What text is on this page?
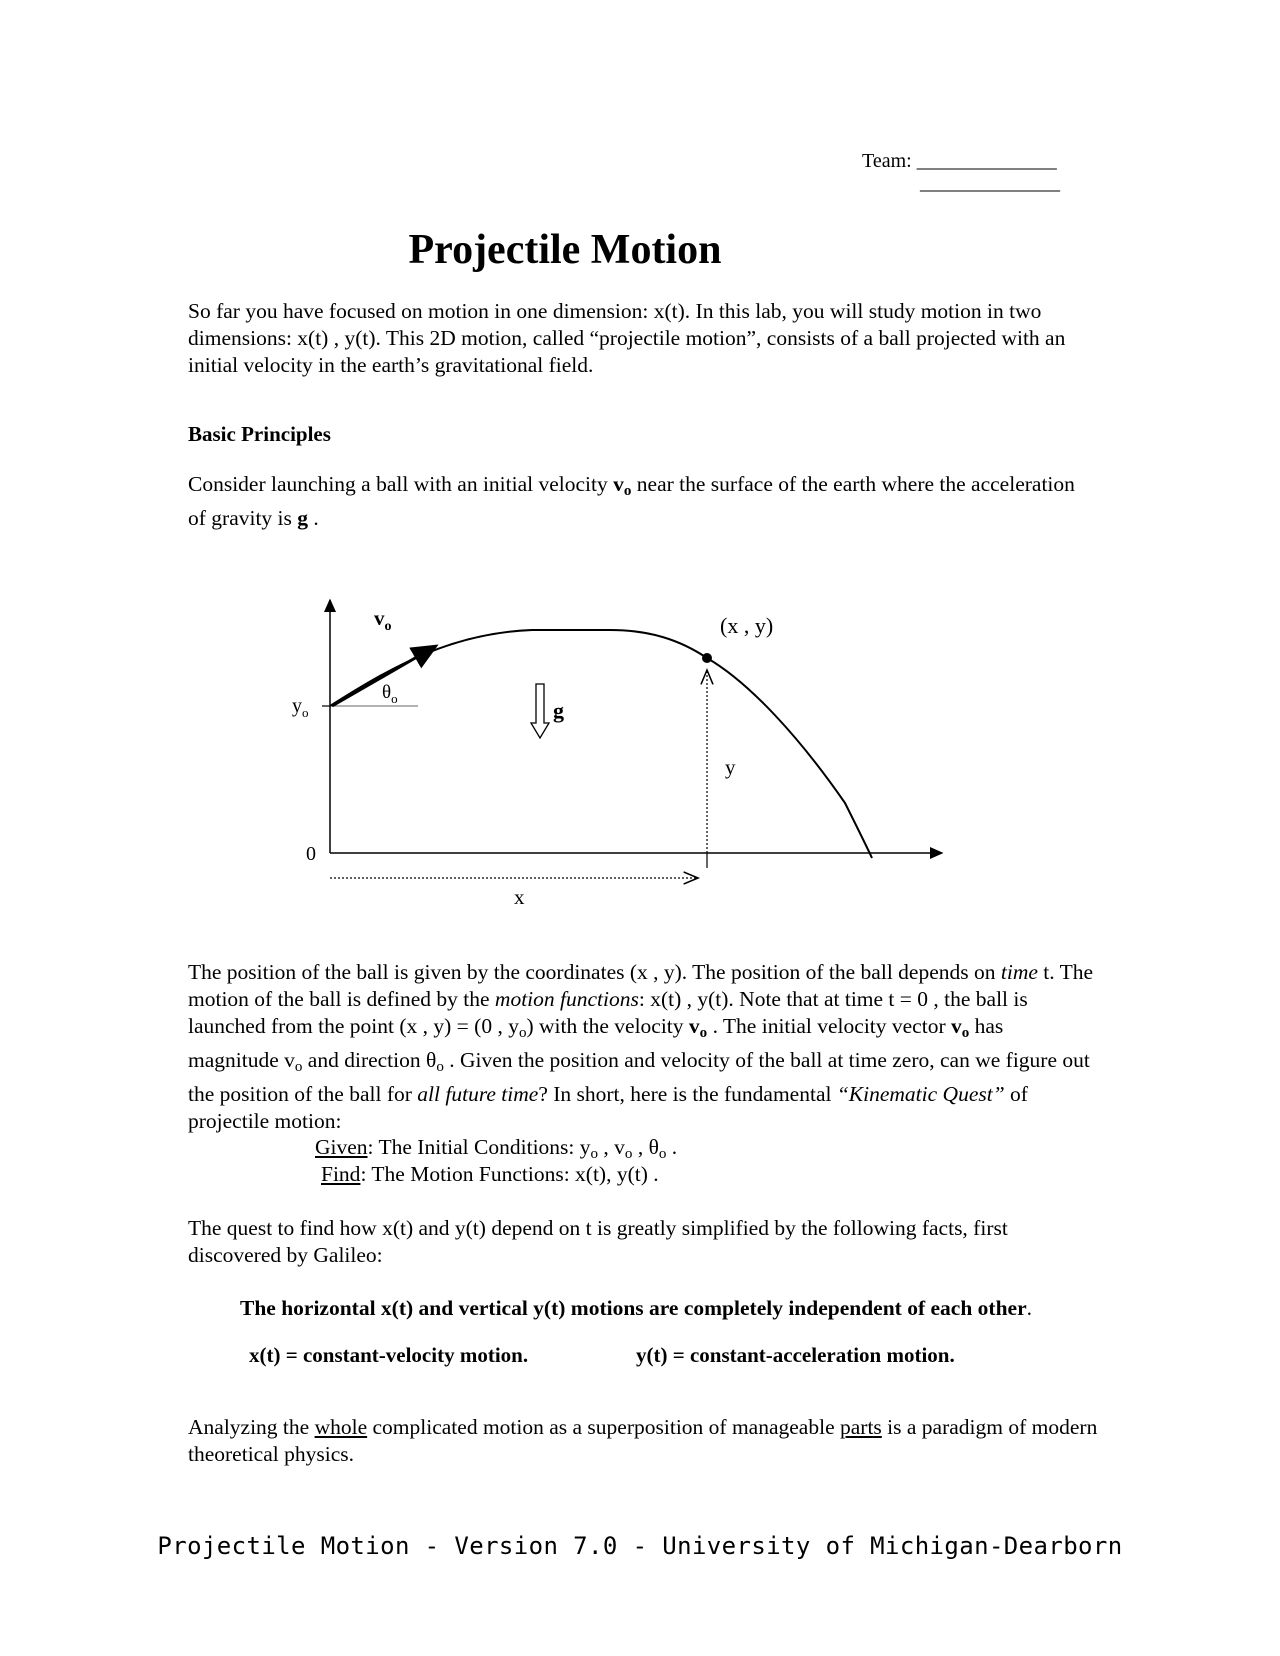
Team: ______________
______________
Projectile Motion
So far you have focused on motion in one dimension: x(t). In this lab, you will study motion in two dimensions: x(t) , y(t). This 2D motion, called “projectile motion”, consists of a ball projected with an initial velocity in the earth’s gravitational field.
Basic Principles
Consider launching a ball with an initial velocity $v_o$ near the surface of the earth where the acceleration of gravity is g .
$v_o$
$\theta_o$
$y_o$
0
g
(x , y)
y
x
The position of the ball is given by the coordinates (x , y). The position of the ball depends on time t. The motion of the ball is defined by the motion functions: x(t) , y(t). Note that at time t = 0 , the ball is launched from the point (x , y) = (0 , $y_o$) with the velocity $v_o$ . The initial velocity vector $v_o$ has magnitude $v_o$ and direction $\theta_o$ . Given the position and velocity of the ball at time zero, can we figure out the position of the ball for all future time? In short, here is the fundamental “Kinematic Quest” of projectile motion:
Given: The Initial Conditions: $y_o$ , $v_o$ , $\theta_o$ .
Find: The Motion Functions: x(t), y(t) .
The quest to find how x(t) and y(t) depend on t is greatly simplified by the following facts, first discovered by Galileo:
The horizontal x(t) and vertical y(t) motions are completely independent of each other.
x(t) = constant-velocity motion.	y(t) = constant-acceleration motion.
Analyzing the whole complicated motion as a superposition of manageable parts is a paradigm of modern theoretical physics.
Projectile Motion - Version 7.0 - University of Michigan-Dearborn
